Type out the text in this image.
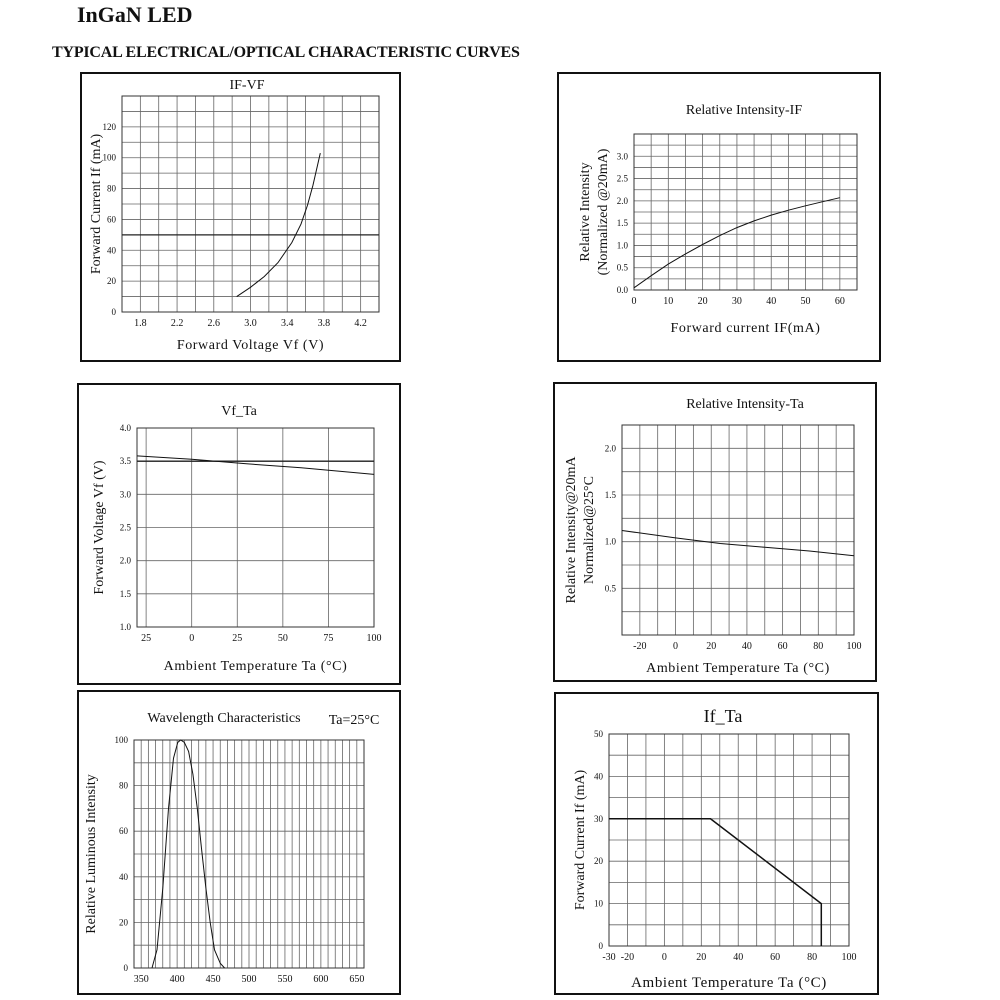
InGaN LED
TYPICAL ELECTRICAL/OPTICAL CHARACTERISTIC CURVES
1.8 2.2 2.6 3.0 3.4 3.8 4.2
0
20
40
60
80
100
120
IF-VF
Forward Voltage Vf (V)
Forward Current If (mA)
0	10 20 30 40 50 60
0.0
0.5
1.0
1.5
2.0
2.5
3.0
Relative Intensity-IF
Forward current IF(mA)
Relative Intensity (Normalized @20mA)
25	0	25	50	75	100
1.0
1.5
2.0
2.5
3.0
3.5
4.0
Vf_Ta
Ambient Temperature Ta (°C)
Forward Voltage Vf (V)
-20	0	20	40	60	80 100
0.5
1.0
1.5
2.0
Relative Intensity-Ta
Ambient Temperature Ta (°C)
Relative Intensity@20mA Normalized@25°C
350 400 450 500 550 600 650
0
20
40
60
80
100
Wavelength Characteristics Ta=25°C
Relative Luminous Intensity
-30 -20	0	20	40	60	80 100
0
10
20
30
40
50
If_Ta
Ambient Temperature Ta (°C)
Forward Current If (mA)
